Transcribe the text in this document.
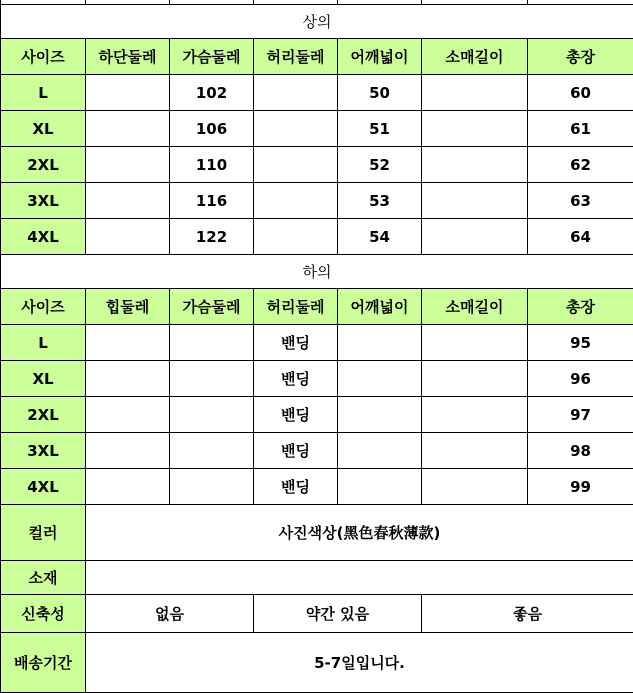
상의						
사이즈	하단둘레	가슴둘레	허리둘레	어깨넓이	소매길이	총장
L		102		50		60
XL		106		51		61
2XL		110		52		62
3XL		116		53		63
4XL		122		54		64
하의						
사이즈	힙둘레	가슴둘레	허리둘레	어깨넓이	소매길이	총장
L			밴딩			95
XL			밴딩			96
2XL			밴딩			97
3XL			밴딩			98
4XL			밴딩			99
컬러	사진색상(黑色春秋薄款)					
소재						
신축성	없음		약간 있음		좋음	
배송기간	5-7일입니다.					
